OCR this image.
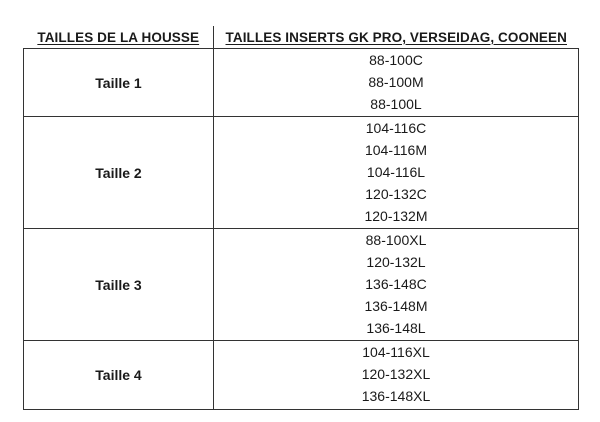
TAILLES DE LA HOUSSE	TAILLES INSERTS GK PRO, VERSEIDAG, COONEEN
Taille 1	88-100C
88-100M
88-100L

Taille 2	104-116C
104-116M
104-116L
120-132C
120-132M

Taille 3	88-100XL
120-132L
136-148C
136-148M
136-148L

Taille 4	104-116XL
120-132XL
136-148XL
